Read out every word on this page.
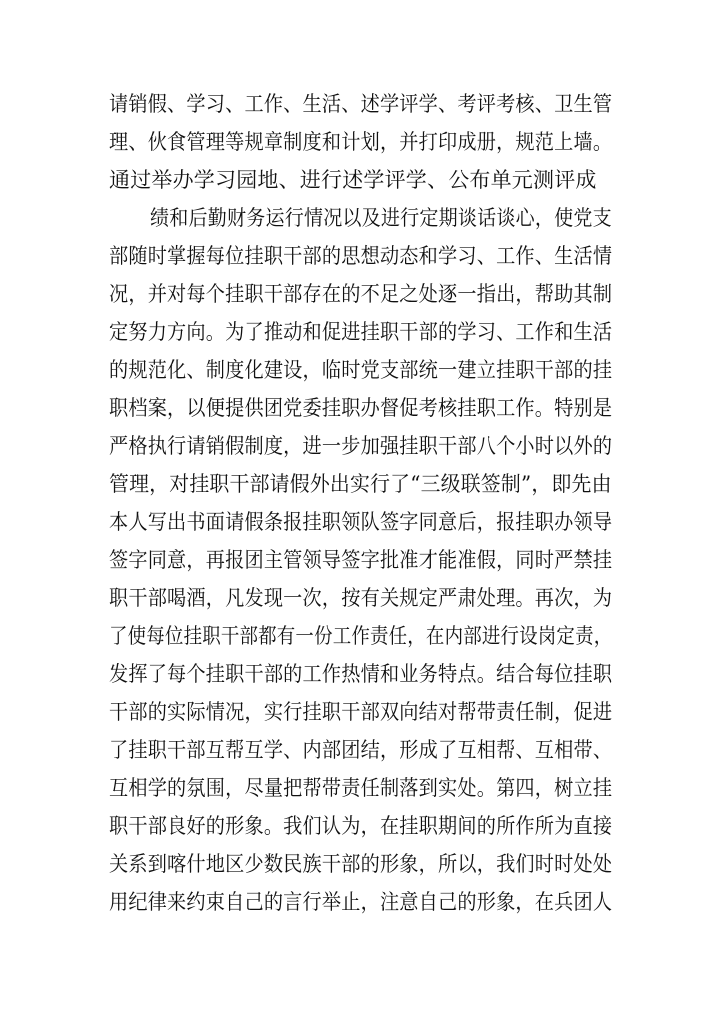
请销假、学习、工作、生活、述学评学、考评考核、卫生管
理、伙食管理等规章制度和计划，并打印成册，规范上墙。
通过举办学习园地、进行述学评学、公布单元测评成
绩和后勤财务运行情况以及进行定期谈话谈心，使党支
部随时掌握每位挂职干部的思想动态和学习、工作、生活情
况，并对每个挂职干部存在的不足之处逐一指出，帮助其制
定努力方向。为了推动和促进挂职干部的学习、工作和生活
的规范化、制度化建设，临时党支部统一建立挂职干部的挂
职档案，以便提供团党委挂职办督促考核挂职工作。特别是
严格执行请销假制度，进一步加强挂职干部八个小时以外的
管理，对挂职干部请假外出实行了“三级联签制”，即先由
本人写出书面请假条报挂职领队签字同意后，报挂职办领导
签字同意，再报团主管领导签字批准才能准假，同时严禁挂
职干部喝酒，凡发现一次，按有关规定严肃处理。再次，为
了使每位挂职干部都有一份工作责任，在内部进行设岗定责，
发挥了每个挂职干部的工作热情和业务特点。结合每位挂职
干部的实际情况，实行挂职干部双向结对帮带责任制，促进
了挂职干部互帮互学、内部团结，形成了互相帮、互相带、
互相学的氛围，尽量把帮带责任制落到实处。第四，树立挂
职干部良好的形象。我们认为，在挂职期间的所作所为直接
关系到喀什地区少数民族干部的形象，所以，我们时时处处
用纪律来约束自己的言行举止，注意自己的形象，在兵团人
